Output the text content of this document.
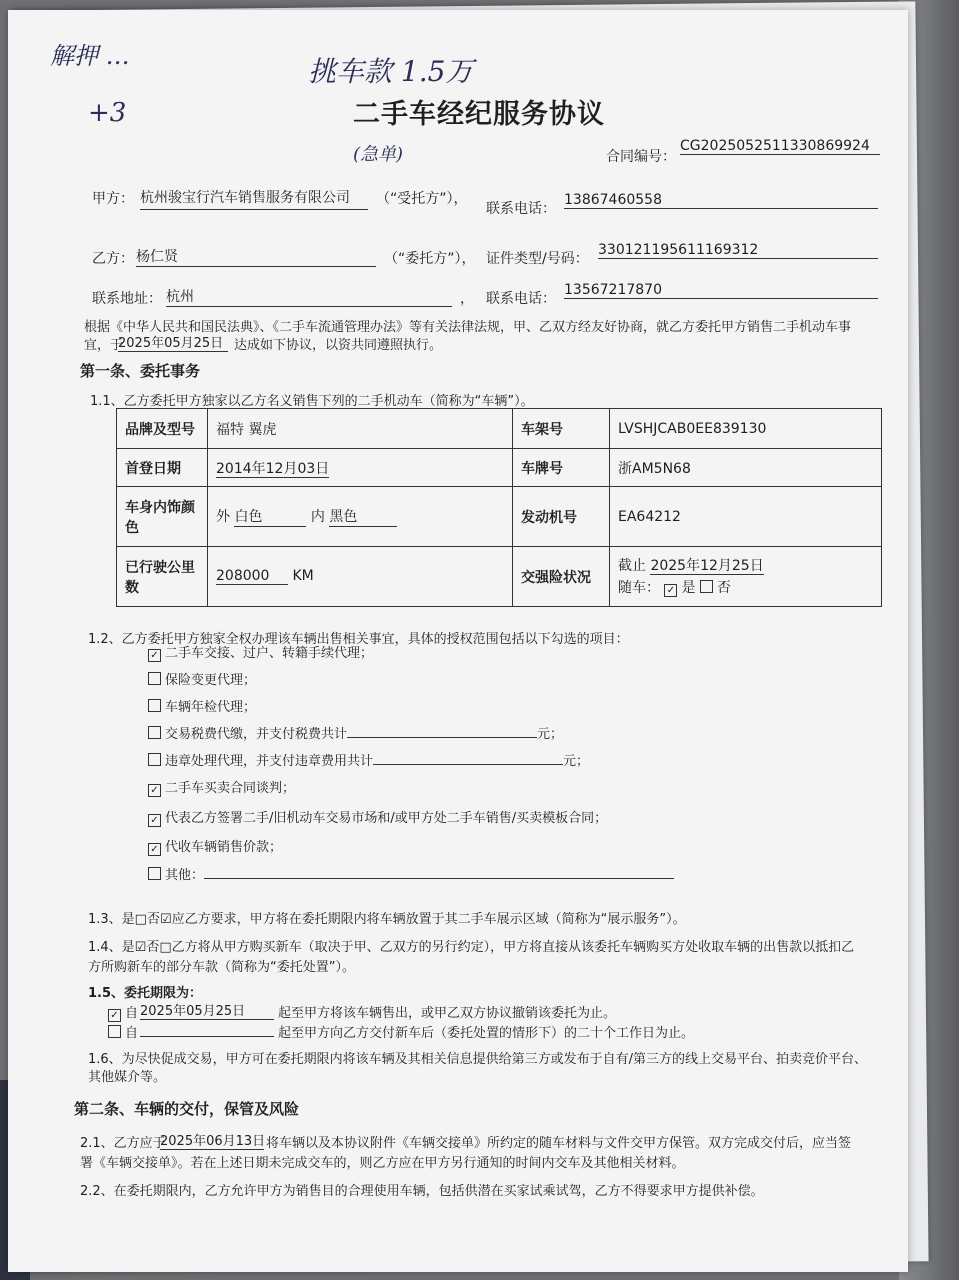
解押 …
+3
挑车款 1.5万
(急单)
二手车经纪服务协议
合同编号：
CG20250525113308699​24
甲方： 杭州骏宝行汽车销售服务有限公司	（“受托方”），
联系电话：
13867460558
乙方： 杨仁贤	（“委托方”）， 证件类型/号码：
330121195611169312
联系地址： 杭州	， 联系电话：
13567217870
根据《中华人民共和国民法典》、《二手车流通管理办法》等有关法律法规，甲、乙双方经友好协商，就乙方委托甲方销售二手机动车事
宜，于
2025年05月25日 达成如下协议，以资共同遵照执行。
第一条、委托事务
1.1、乙方委托甲方独家以乙方名义销售下列的二手机动车（简称为“车辆”）。
品牌及型号	福特 翼虎	车架号	LVSHJCAB0EE839130
首登日期	2014年12月03日	车牌号	浙AM5N68
车身内饰颜色	外 白色 内 黑色	发动机号	EA64212
已行驶公里数	208000 KM	交强险状况	截止 2025年12月25日
随车： ✓ 是 否
1.2、乙方委托甲方独家全权办理该车辆出售相关事宜，具体的授权范围包括以下勾选的项目：
✓ 二手车交接、过户、转籍手续代理；
保险变更代理；
车辆年检代理；
交易税费代缴，并支付税费共计	元；
违章处理代理，并支付违章费用共计	元；
✓ 二手车买卖合同谈判；
✓ 代表乙方签署二手/旧机动车交易市场和/或甲方处二手车销售/买卖模板合同；
✓ 代收车辆销售价款；
其他：
1.3、是□否☑应乙方要求，甲方将在委托期限内将车辆放置于其二手车展示区域（简称为“展示服务”）。
1.4、是☑否□乙方将从甲方购买新车（取决于甲、乙双方的另行约定），甲方将直接从该委托车辆购买方处收取车辆的出售款以抵扣乙
方所购新车的部分车款（简称为“委托处置”）。
1.5、委托期限为：
✓ 自 2025年05月25日	起至甲方将该车辆售出，或甲乙双方协议撤销该委托为止。
自	起至甲方向乙方交付新车后（委托处置的情形下）的二十个工作日为止。
1.6、为尽快促成交易，甲方可在委托期限内将该车辆及其相关信息提供给第三方或发布于自有/第三方的线上交易平台、拍卖竞价平台、
其他媒介等。
第二条、车辆的交付，保管及风险
2.1、乙方应于
2025年06月13日 将车辆以及本协议附件《车辆交接单》所约定的随车材料与文件交甲方保管。双方完成交付后，应当签
署《车辆交接单》。若在上述日期未完成交车的，则乙方应在甲方另行通知的时间内交车及其他相关材料。
2.2、在委托期限内，乙方允许甲方为销售目的合理使用车辆，包括供潜在买家试乘试驾，乙方不得要求甲方提供补偿。
